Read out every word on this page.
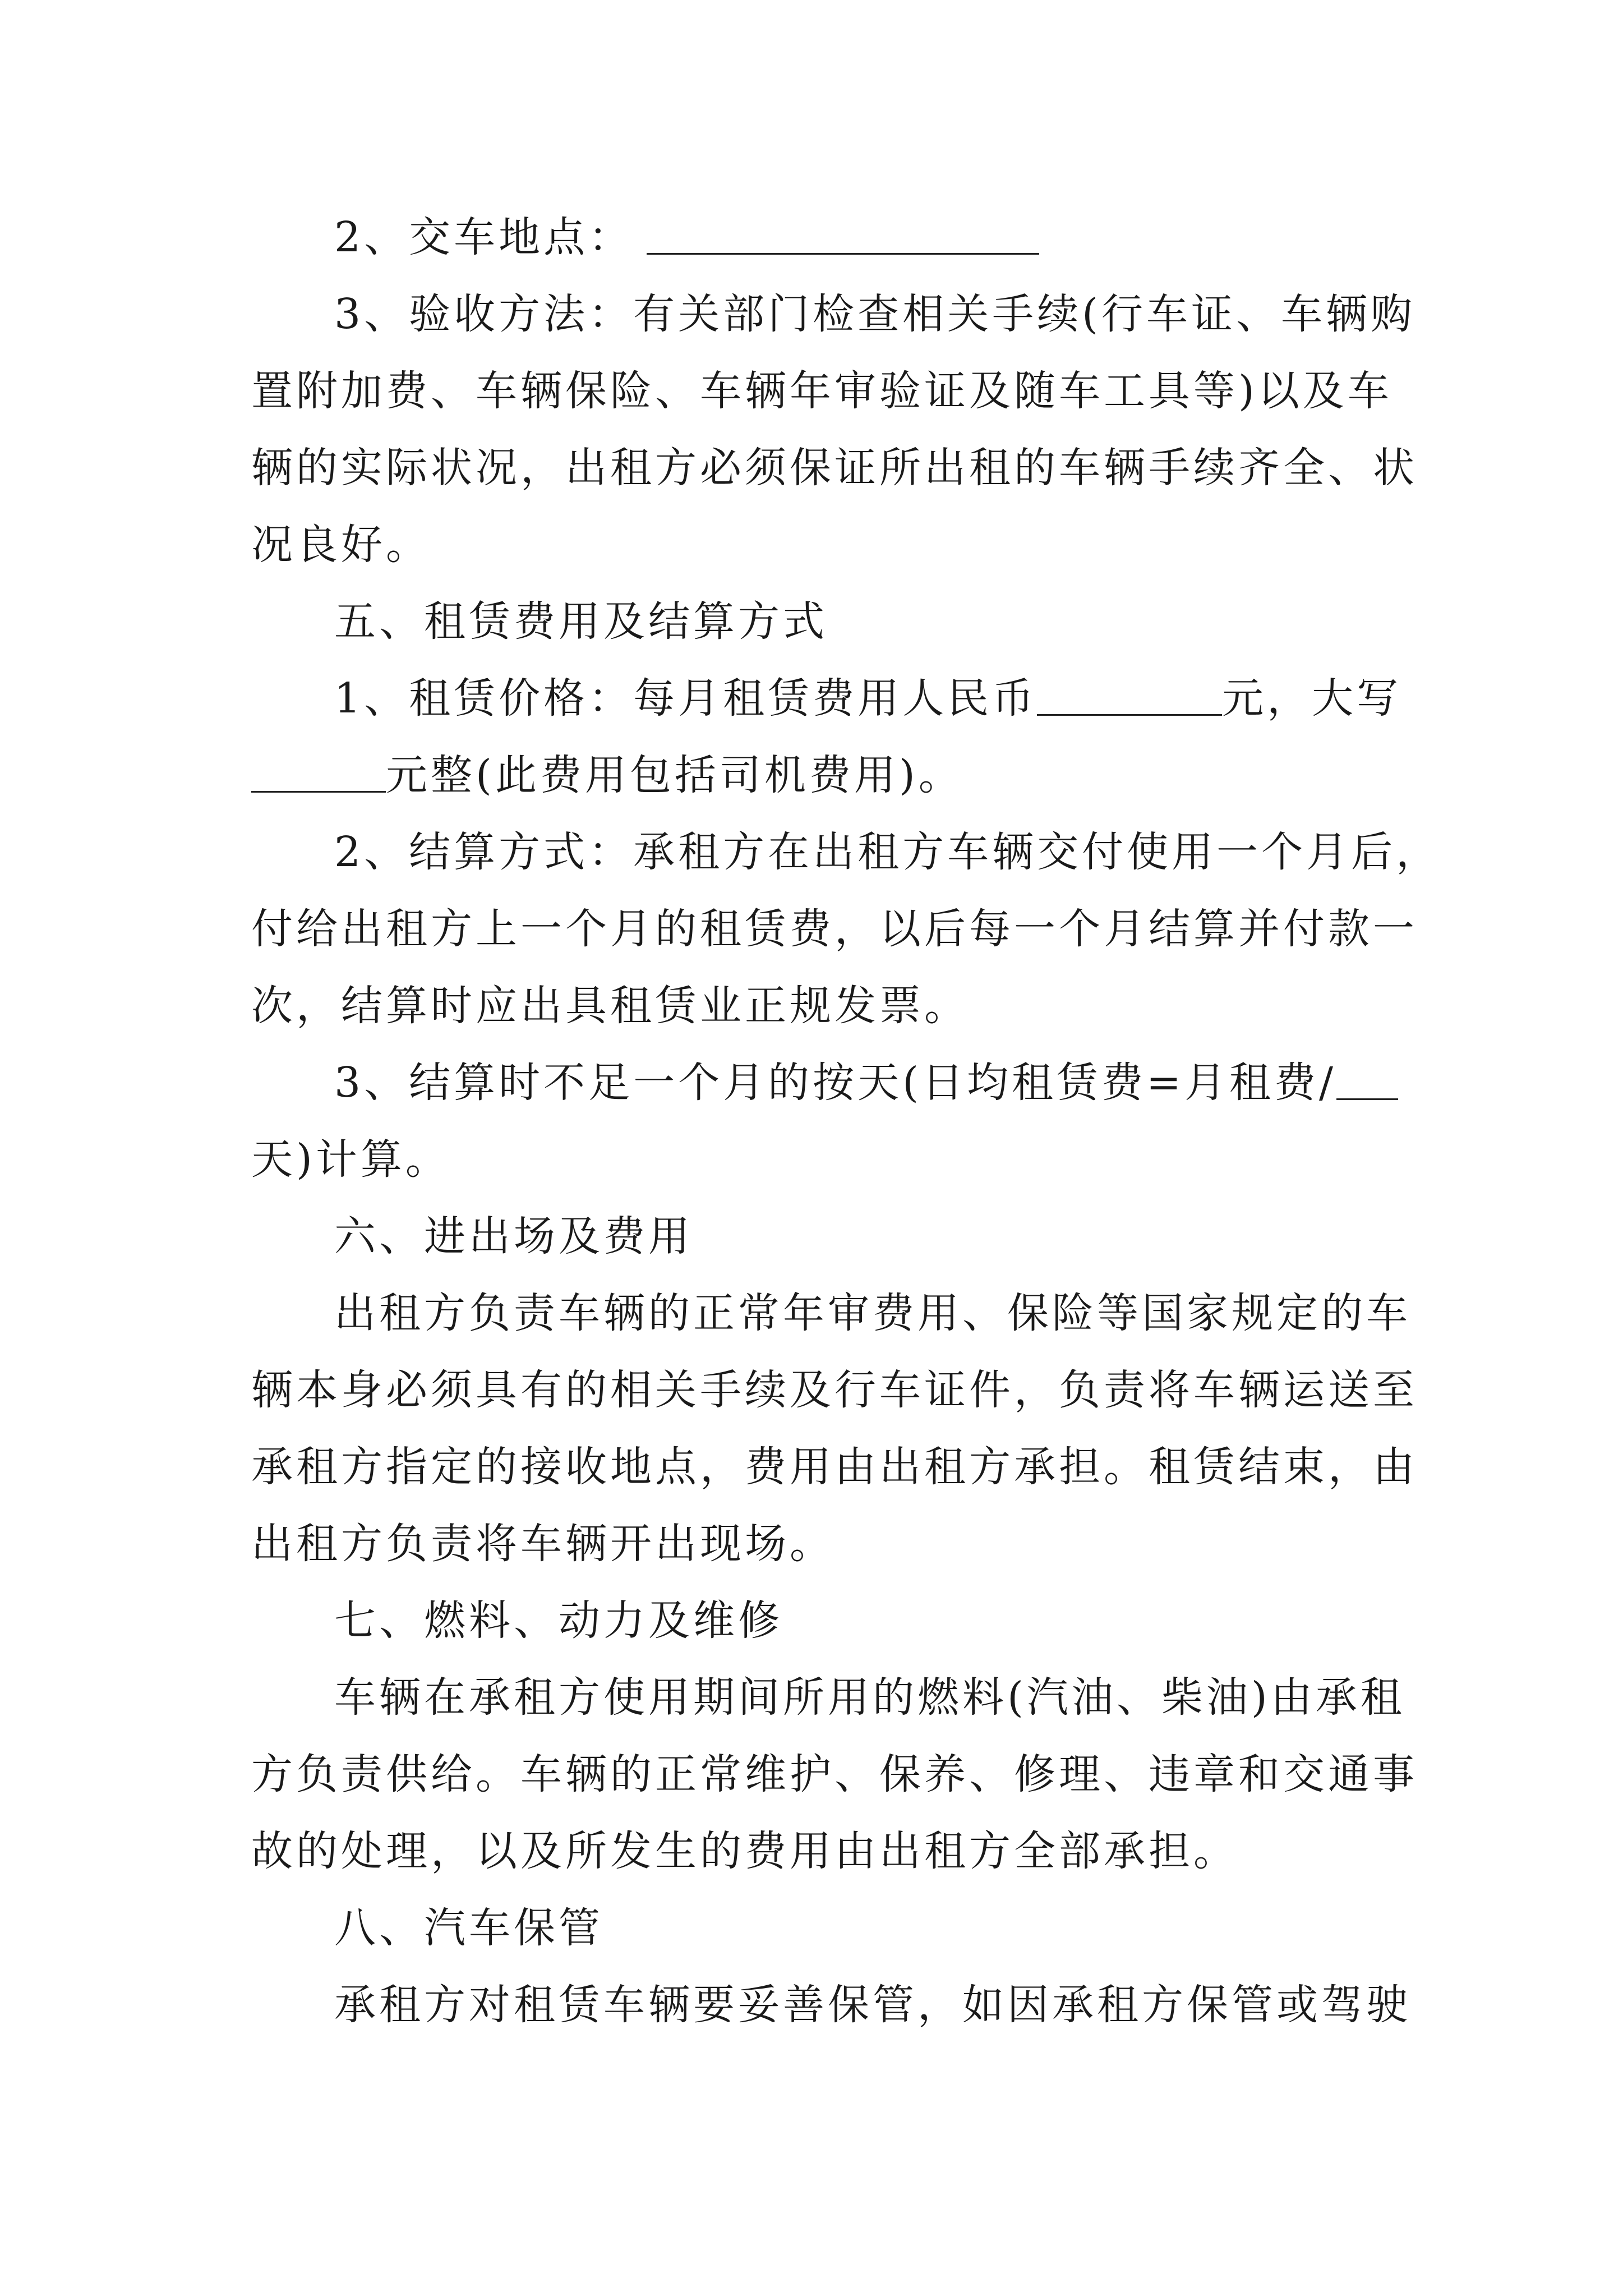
2、交车地点：
3、验收方法：有关部门检查相关手续(行车证、车辆购
置附加费、车辆保险、车辆年审验证及随车工具等)以及车
辆的实际状况，出租方必须保证所出租的车辆手续齐全、状
况良好。
五、租赁费用及结算方式
1、租赁价格：每月租赁费用人民币	元，大写
元整(此费用包括司机费用)。
2、结算方式：承租方在出租方车辆交付使用一个月后，
付给出租方上一个月的租赁费，以后每一个月结算并付款一
次，结算时应出具租赁业正规发票。
3、结算时不足一个月的按天(日均租赁费=月租费/
天)计算。
六、进出场及费用
出租方负责车辆的正常年审费用、保险等国家规定的车
辆本身必须具有的相关手续及行车证件，负责将车辆运送至
承租方指定的接收地点，费用由出租方承担。租赁结束，由
出租方负责将车辆开出现场。
七、燃料、动力及维修
车辆在承租方使用期间所用的燃料(汽油、柴油)由承租
方负责供给。车辆的正常维护、保养、修理、违章和交通事
故的处理，以及所发生的费用由出租方全部承担。
八、汽车保管
承租方对租赁车辆要妥善保管，如因承租方保管或驾驶
